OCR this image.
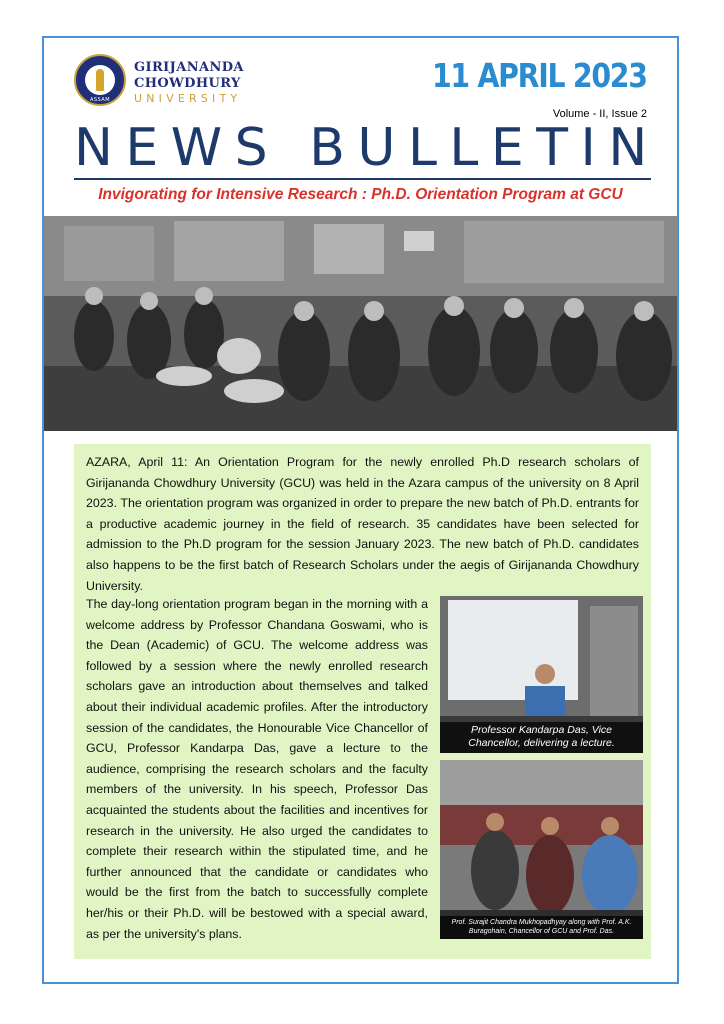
ASSAM
GIRIJANANDA
CHOWDHURY
UNIVERSITY
11 APRIL 2023
Volume - II, Issue 2
NEWS BULLETIN
Invigorating for Intensive Research : Ph.D. Orientation Program at GCU

AZARA, April 11: An Orientation Program for the newly enrolled Ph.D research scholars of Girijananda Chowdhury University (GCU) was held in the Azara campus of the university on 8 April 2023. The orientation program was organized in order to prepare the new batch of Ph.D. entrants for a productive academic journey in the field of research. 35 candidates have been selected for admission to the Ph.D program for the session January 2023. The new batch of Ph.D. candidates also happens to be the first batch of Research Scholars under the aegis of Girijananda Chowdhury University.

The day-long orientation program began in the morning with a welcome address by Professor Chandana Goswami, who is the Dean (Academic) of GCU. The welcome address was followed by a session where the newly enrolled research scholars gave an introduction about themselves and talked about their individual academic profiles. After the introductory session of the candidates, the Honourable Vice Chancellor of GCU, Professor Kandarpa Das, gave a lecture to the audience, comprising the research scholars and the faculty members of the university. In his speech, Professor Das acquainted the students about the facilities and incentives for research in the university. He also urged the candidates to complete their research within the stipulated time, and he further announced that the candidate or candidates who would be the first from the batch to successfully complete her/his or their Ph.D. will be bestowed with a special award, as per the university's plans.

Professor Kandarpa Das, Vice Chancellor, delivering a lecture.
Prof. Surajit Chandra Mukhopadhyay along with Prof. A.K. Buragohain, Chancellor of GCU and Prof. Das.
